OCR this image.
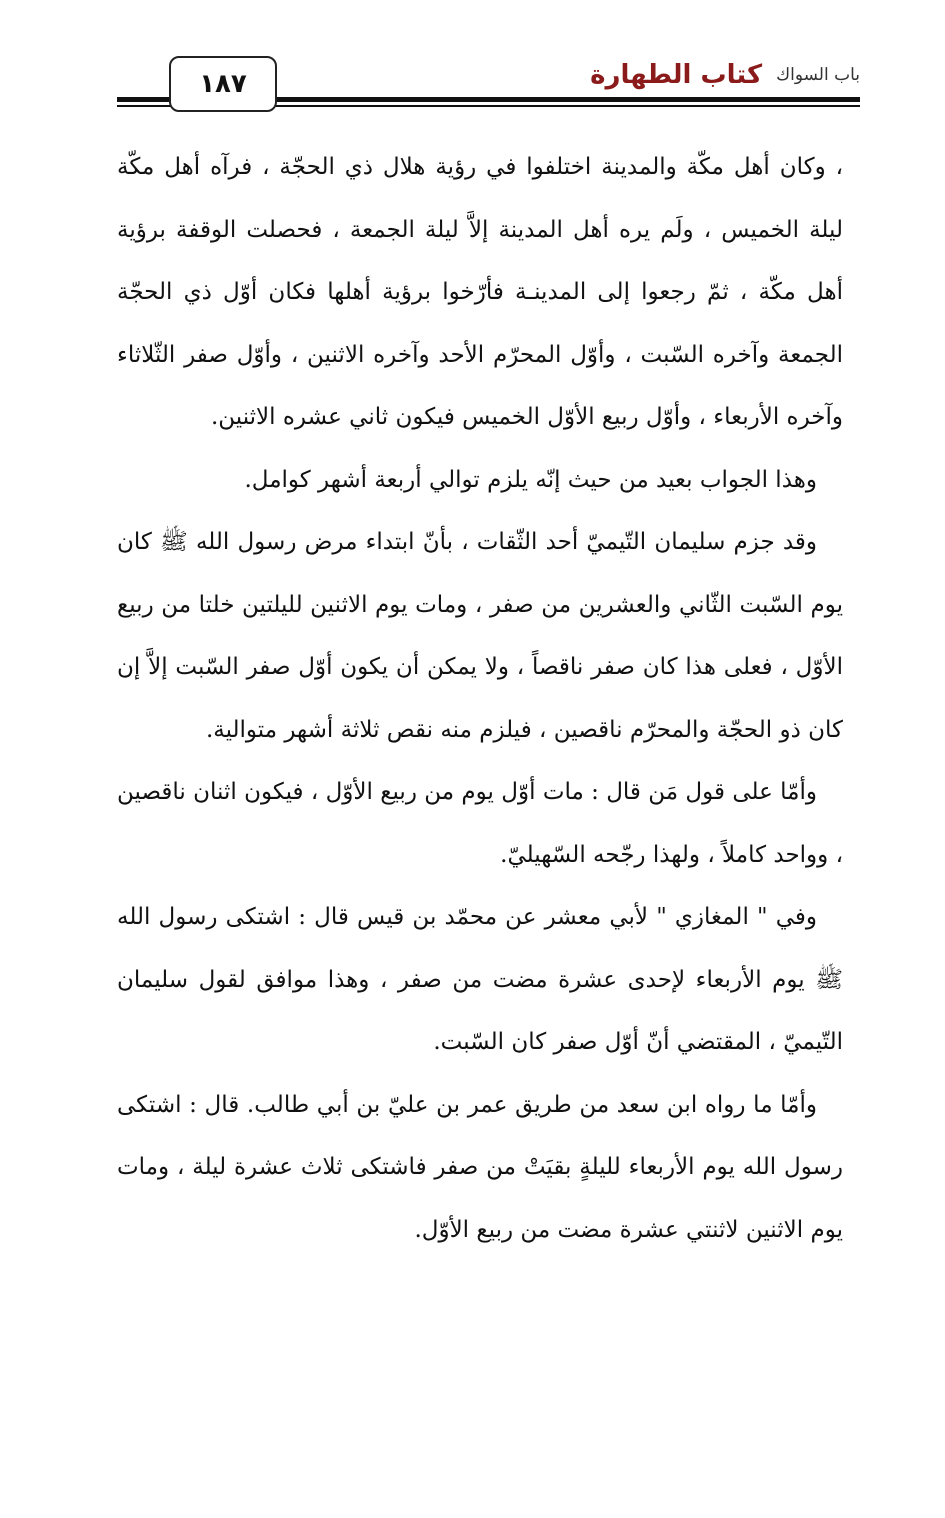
١٨٧	كتاب الطهارة باب السواك

، وكان أهل مكّة والمدينة اختلفوا في رؤية هلال ذي الحجّة ، فرآه أهل مكّة ليلة الخميس ، ولَم يره أهل المدينة إلاَّ ليلة الجمعة ، فحصلت الوقفة برؤية أهل مكّة ، ثمّ رجعوا إلى المدينـة فأرّخوا برؤية أهلها فكان أوّل ذي الحجّة الجمعة وآخره السّبت ، وأوّل المحرّم الأحد وآخره الاثنين ، وأوّل صفر الثّلاثاء وآخره الأربعاء ، وأوّل ربيع الأوّل الخميس فيكون ثاني عشره الاثنين.

وهذا الجواب بعيد من حيث إنّه يلزم توالي أربعة أشهر كوامل.

وقد جزم سليمان التّيميّ أحد الثّقات ، بأنّ ابتداء مرض رسول الله ﷺ كان يوم السّبت الثّاني والعشرين من صفر ، ومات يوم الاثنين لليلتين خلتا من ربيع الأوّل ، فعلى هذا كان صفر ناقصاً ، ولا يمكن أن يكون أوّل صفر السّبت إلاَّ إن كان ذو الحجّة والمحرّم ناقصين ، فيلزم منه نقص ثلاثة أشهر متوالية.

وأمّا على قول مَن قال : مات أوّل يوم من ربيع الأوّل ، فيكون اثنان ناقصين ، وواحد كاملاً ، ولهذا رجّحه السّهيليّ.

وفي " المغازي " لأبي معشر عن محمّد بن قيس قال : اشتكى رسول الله ﷺ يوم الأربعاء لإحدى عشرة مضت من صفر ، وهذا موافق لقول سليمان التّيميّ ، المقتضي أنّ أوّل صفر كان السّبت.

وأمّا ما رواه ابن سعد من طريق عمر بن عليّ بن أبي طالب. قال : اشتكى رسول الله يوم الأربعاء لليلةٍ بقيَتْ من صفر فاشتكى ثلاث عشرة ليلة ، ومات يوم الاثنين لاثنتي عشرة مضت من ربيع الأوّل.
